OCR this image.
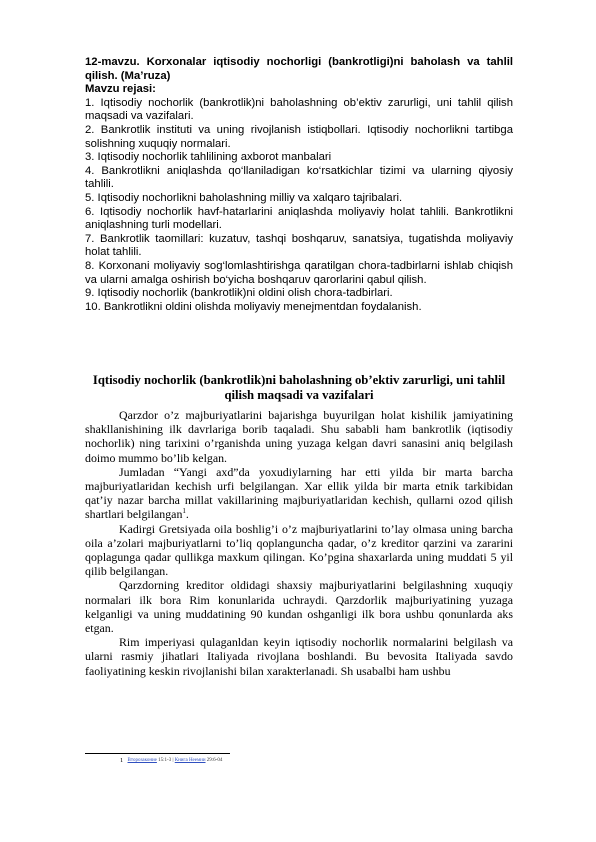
12-mavzu. Korxonalar iqtisodiy nochorligi (bankrotligi)ni baholash va tahlil qilish. (Ma’ruza)

Mavzu rejasi:

1. Iqtisodiy nochorlik (bankrotlik)ni baholashning ob’ektiv zarurligi, uni tahlil qilish maqsadi va vazifalari.

2. Bankrotlik instituti va uning rivojlanish istiqbollari. Iqtisodiy nochorlikni tartibga solishning xuquqiy normalari.

3. Iqtisodiy nochorlik tahlilining axborot manbalari

4. Bankrotlikni aniqlashda qo‘llaniladigan ko‘rsatkichlar tizimi va ularning qiyosiy tahlili.

5. Iqtisodiy nochorlikni baholashning milliy va xalqaro tajribalari.

6. Iqtisodiy nochorlik havf-hatarlarini aniqlashda moliyaviy holat tahlili. Bankrotlikni aniqlashning turli modellari.

7. Bankrotlik taomillari: kuzatuv, tashqi boshqaruv, sanatsiya, tugatishda moliyaviy holat tahlili.

8. Korxonani moliyaviy sog‘lomlashtirishga qaratilgan chora-tadbirlarni ishlab chiqish va ularni amalga oshirish bo‘yicha boshqaruv qarorlarini qabul qilish.

9. Iqtisodiy nochorlik (bankrotlik)ni oldini olish chora-tadbirlari.

10. Bankrotlikni oldini olishda moliyaviy menejmentdan foydalanish.

Iqtisodiy nochorlik (bankrotlik)ni baholashning ob’ektiv zarurligi, uni tahlil qilish maqsadi va vazifalari

Qarzdor o’z majburiyatlarini bajarishga buyurilgan holat kishilik jamiyatining shakllanishining ilk davrlariga borib taqaladi. Shu sababli ham bankrotlik (iqtisodiy nochorlik) ning tarixini o’rganishda uning yuzaga kelgan davri sanasini aniq belgilash doimo mummo bo’lib kelgan.

Jumladan “Yangi axd”da yoxudiylarning har etti yilda bir marta barcha majburiyatlaridan kechish urfi belgilangan. Xar ellik yilda bir marta etnik tarkibidan qat’iy nazar barcha millat vakillarining majburiyatlaridan kechish, qullarni ozod qilish shartlari belgilangan$^1$.

Kadirgi Gretsiyada oila boshlig’i o’z majburiyatlarini to’lay olmasa uning barcha oila a’zolari majburiyatlarni to’liq qoplanguncha qadar, o’z kreditor qarzini va zararini qoplagunga qadar qullikga maxkum qilingan. Ko’pgina shaxarlarda uning muddati 5 yil qilib belgilangan.

Qarzdorning kreditor oldidagi shaxsiy majburiyatlarini belgilashning xuquqiy normalari ilk bora Rim konunlarida uchraydi. Qarzdorlik majburiyatining yuzaga kelganligi va uning muddatining 90 kundan oshganligi ilk bora ushbu qonunlarda aks etgan.

Rim imperiyasi qulaganldan keyin iqtisodiy nochorlik normalarini belgilash va ularni rasmiy jihatlari Italiyada rivojlana boshlandi. Bu bevosita Italiyada savdo faoliyatining keskin rivojlanishi bilan xarakterlanadi. Sh usabalbi ham ushbu

1 Второзаконие 15:1-3 | Книга Неемии 29:6-04
